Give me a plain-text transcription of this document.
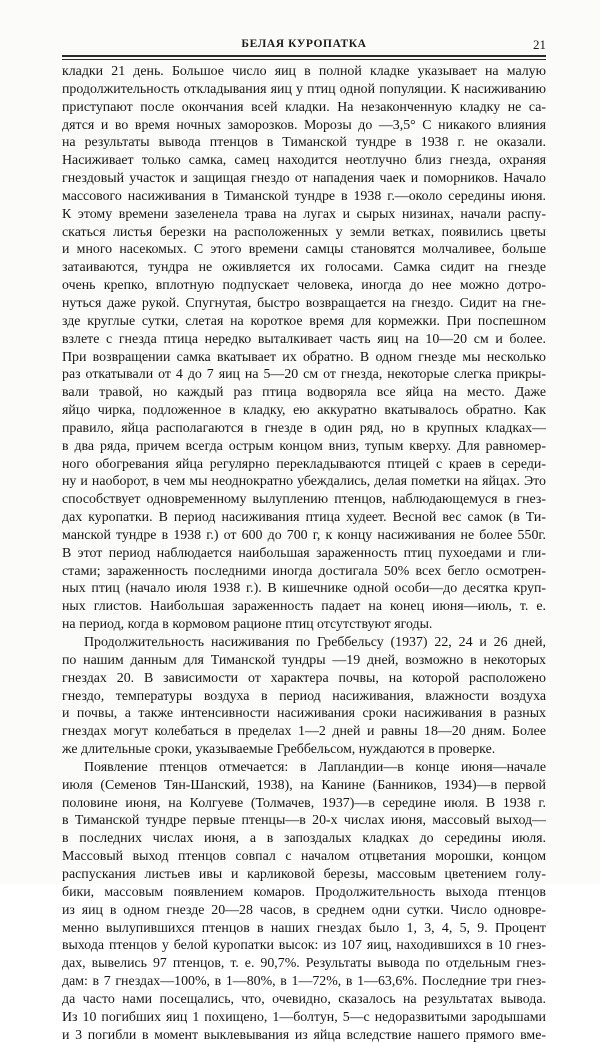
БЕЛАЯ КУРОПАТКА	21
кладки 21 день. Большое число яиц в полной кладке указывает на малую
продолжительность откладывания яиц у птиц одной популяции. К насиживанию
приступают после окончания всей кладки. На незаконченную кладку не са-
дятся и во время ночных заморозков. Морозы до —3,5° С никакого влияния
на результаты вывода птенцов в Тиманской тундре в 1938 г. не оказали.
Насиживает только самка, самец находится неотлучно близ гнезда, охраняя
гнездовый участок и защищая гнездо от нападения чаек и поморников. Начало
массового насиживания в Тиманской тундре в 1938 г.—около середины июня.
К этому времени зазеленела трава на лугах и сырых низинах, начали распу-
скаться листья березки на расположенных у земли ветках, появились цветы
и много насекомых. С этого времени самцы становятся молчаливее, больше
затаиваются, тундра не оживляется их голосами. Самка сидит на гнезде
очень крепко, вплотную подпускает человека, иногда до нее можно дотро-
нуться даже рукой. Спугнутая, быстро возвращается на гнездо. Сидит на гне-
зде круглые сутки, слетая на короткое время для кормежки. При поспешном
взлете с гнезда птица нередко выталкивает часть яиц на 10—20 см и более.
При возвращении самка вкатывает их обратно. В одном гнезде мы несколько
раз откатывали от 4 до 7 яиц на 5—20 см от гнезда, некоторые слегка прикры-
вали травой, но каждый раз птица водворяла все яйца на место. Даже
яйцо чирка, подложенное в кладку, ею аккуратно вкатывалось обратно. Как
правило, яйца располагаются в гнезде в один ряд, но в крупных кладках—
в два ряда, причем всегда острым концом вниз, тупым кверху. Для равномер-
ного обогревания яйца регулярно перекладываются птицей с краев в середи-
ну и наоборот, в чем мы неоднократно убеждались, делая пометки на яйцах. Это
способствует одновременному вылуплению птенцов, наблюдающемуся в гнез-
дах куропатки. В период насиживания птица худеет. Весной вес самок (в Ти-
манской тундре в 1938 г.) от 600 до 700 г, к концу насиживания не более 550г.
В этот период наблюдается наибольшая зараженность птиц пухоедами и гли-
стами; зараженность последними иногда достигала 50% всех бегло осмотрен-
ных птиц (начало июля 1938 г.). В кишечнике одной особи—до десятка круп-
ных глистов. Наибольшая зараженность падает на конец июня—июль, т. е.
на период, когда в кормовом рационе птиц отсутствуют ягоды.
Продолжительность насиживания по Греббельсу (1937) 22, 24 и 26 дней,
по нашим данным для Тиманской тундры —19 дней, возможно в некоторых
гнездах 20. В зависимости от характера почвы, на которой расположено
гнездо, температуры воздуха в период насиживания, влажности воздуха
и почвы, а также интенсивности насиживания сроки насиживания в разных
гнездах могут колебаться в пределах 1—2 дней и равны 18—20 дням. Более
же длительные сроки, указываемые Греббельсом, нуждаются в проверке.
Появление птенцов отмечается: в Лапландии—в конце июня—начале
июля (Семенов Тян-Шанский, 1938), на Канине (Банников, 1934)—в первой
половине июня, на Колгуеве (Толмачев, 1937)—в середине июля. В 1938 г.
в Тиманской тундре первые птенцы—в 20-х числах июня, массовый выход—
в последних числах июня, а в запоздалых кладках до середины июля.
Массовый выход птенцов совпал с началом отцветания морошки, концом
распускания листьев ивы и карликовой березы, массовым цветением голу-
бики, массовым появлением комаров. Продолжительность выхода птенцов
из яиц в одном гнезде 20—28 часов, в среднем одни сутки. Число одновре-
менно вылупившихся птенцов в наших гнездах было 1, 3, 4, 5, 9. Процент
выхода птенцов у белой куропатки высок: из 107 яиц, находившихся в 10 гнез-
дах, вывелись 97 птенцов, т. е. 90,7%. Результаты вывода по отдельным гнез-
дам: в 7 гнездах—100%, в 1—80%, в 1—72%, в 1—63,6%. Последние три гнез-
да часто нами посещались, что, очевидно, сказалось на результатах вывода.
Из 10 погибших яиц 1 похищено, 1—болтун, 5—с недоразвитыми зародышами
и 3 погибли в момент выклевывания из яйца вследствие нашего прямого вме-
